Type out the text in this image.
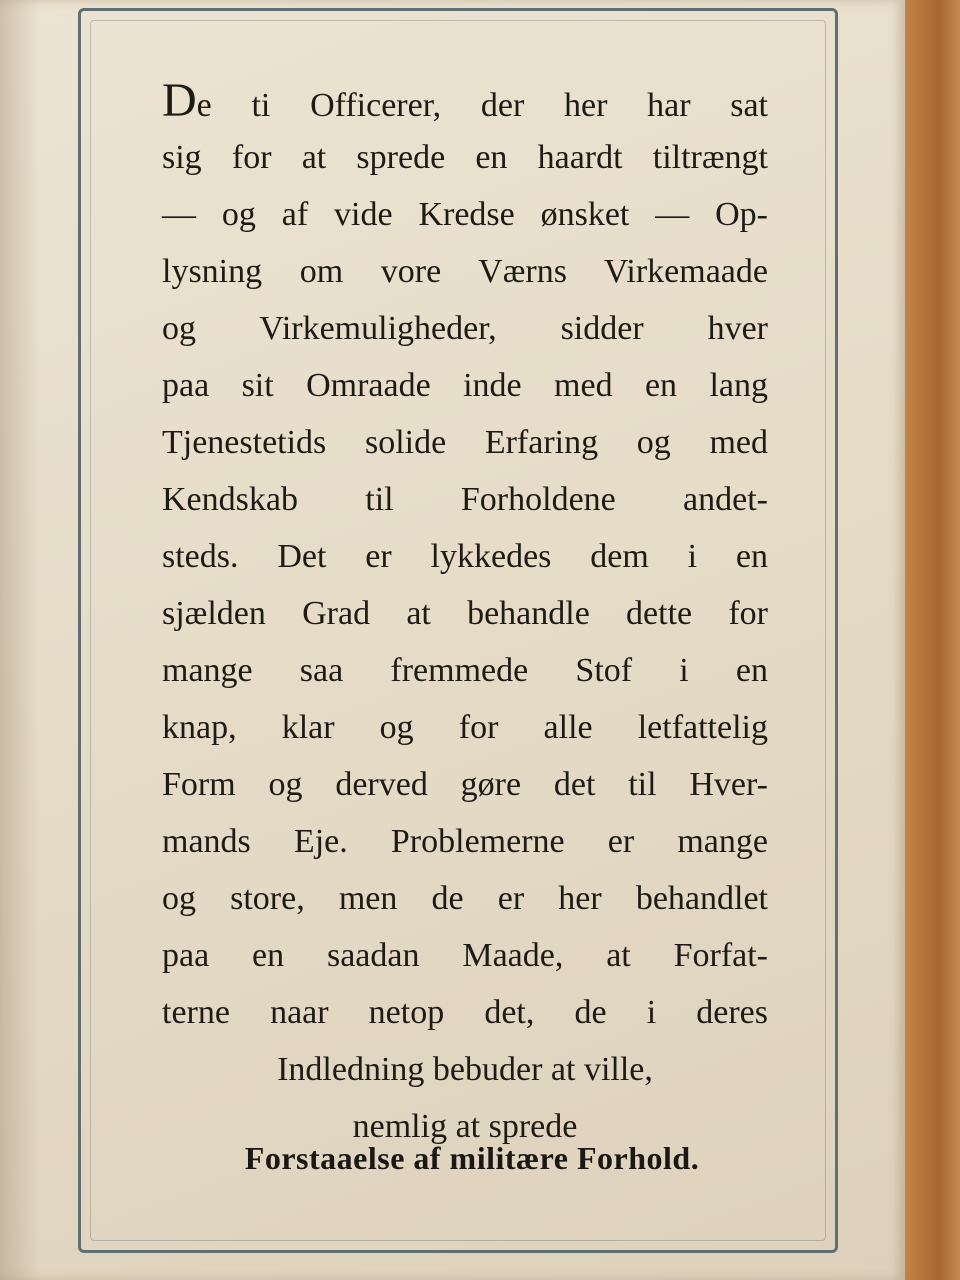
De ti Officerer, der her har sat
sig for at sprede en haardt tiltrængt
— og af vide Kredse ønsket — Op-
lysning om vore Værns Virkemaade
og Virkemuligheder, sidder hver
paa sit Omraade inde med en lang
Tjenestetids solide Erfaring og med
Kendskab til Forholdene andet-
steds. Det er lykkedes dem i en
sjælden Grad at behandle dette for
mange saa fremmede Stof i en
knap, klar og for alle letfattelig
Form og derved gøre det til Hver-
mands Eje. Problemerne er mange
og store, men de er her behandlet
paa en saadan Maade, at Forfat-
terne naar netop det, de i deres
Indledning bebuder at ville,
nemlig at sprede
Forstaaelse af militære Forhold.
